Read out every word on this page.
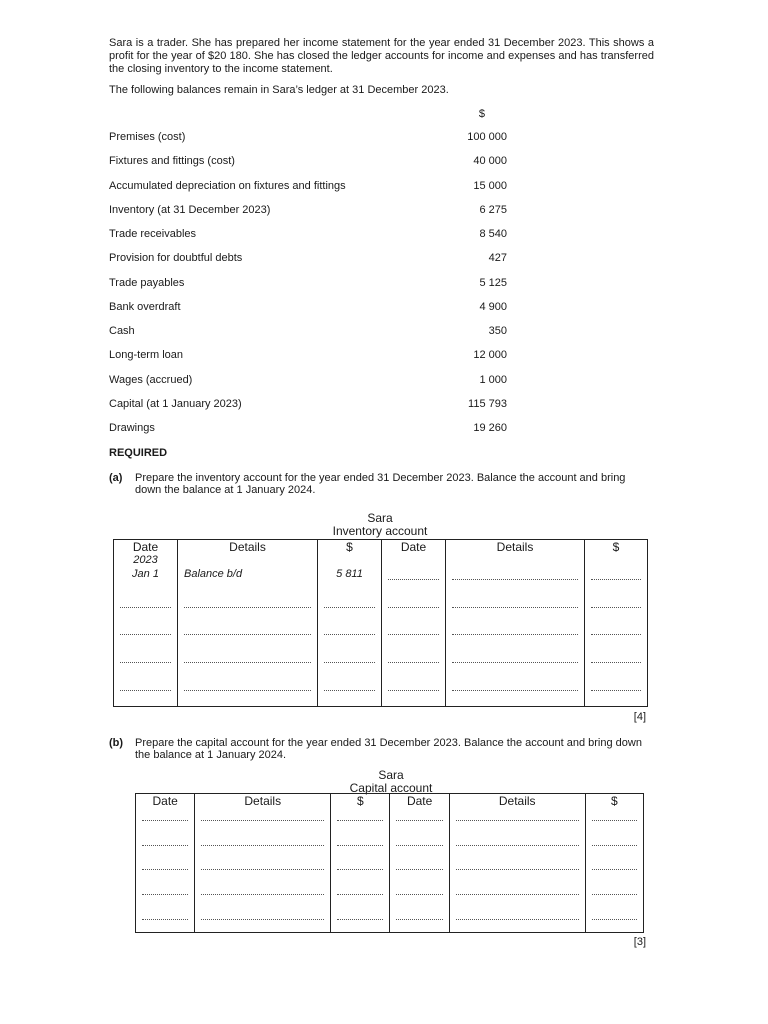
Sara is a trader. She has prepared her income statement for the year ended 31 December 2023. This shows a profit for the year of $20 180. She has closed the ledger accounts for income and expenses and has transferred the closing inventory to the income statement.
The following balances remain in Sara’s ledger at 31 December 2023.
$
Premises (cost)	100 000
Fixtures and fittings (cost)	40 000
Accumulated depreciation on fixtures and fittings	15 000
Inventory (at 31 December 2023)	6 275
Trade receivables	8 540
Provision for doubtful debts	427
Trade payables	5 125
Bank overdraft	4 900
Cash	350
Long-term loan	12 000
Wages (accrued)	1 000
Capital (at 1 January 2023)	115 793
Drawings	19 260
REQUIRED
(a)	Prepare the inventory account for the year ended 31 December 2023. Balance the account and bring down the balance at 1 January 2024.
Sara
Inventory account
Date	Details	$	Date	Details	$
2023					
Jan 1	Balance b/d	5 811	

[4]
(b)	Prepare the capital account for the year ended 31 December 2023. Balance the account and bring down the balance at 1 January 2024.
Sara
Capital account
Date	Details	$	Date	Details	$

[3]
